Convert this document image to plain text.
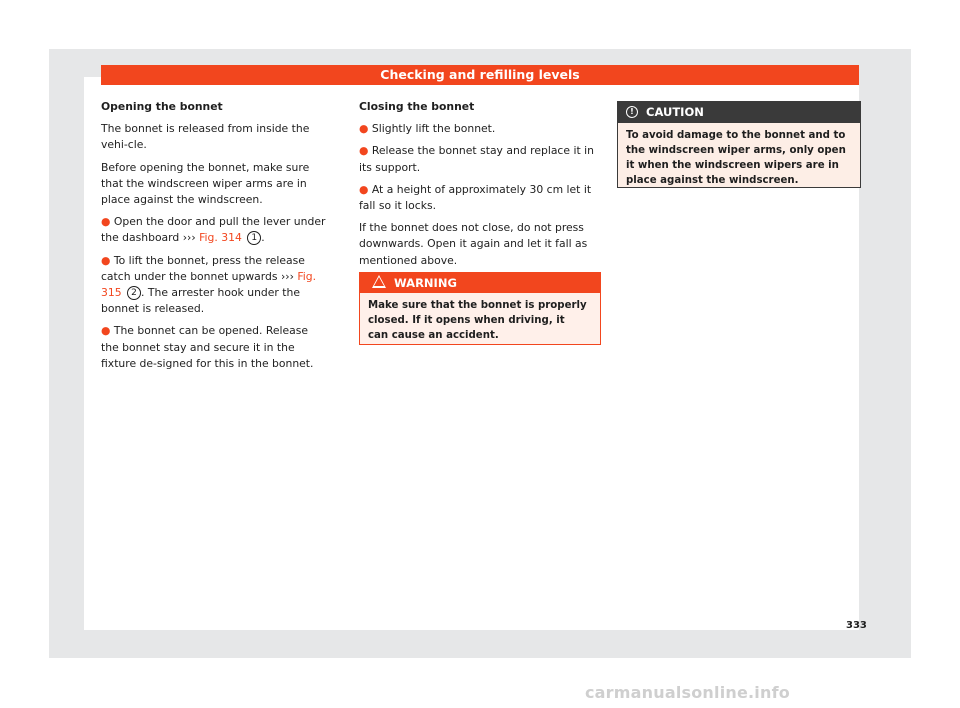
Checking and refilling levels

Opening the bonnet

The bonnet is released from inside the vehi-cle.

Before opening the bonnet, make sure that the windscreen wiper arms are in place against the windscreen.

● Open the door and pull the lever under the dashboard ››› Fig. 314 1 .

● To lift the bonnet, press the release catch under the bonnet upwards ››› Fig. 315 2 . The arrester hook under the bonnet is released.

● The bonnet can be opened. Release the bonnet stay and secure it in the fixture de-signed for this in the bonnet.

Closing the bonnet

● Slightly lift the bonnet.

● Release the bonnet stay and replace it in its support.

● At a height of approximately 30 cm let it fall so it locks.

If the bonnet does not close, do not press downwards. Open it again and let it fall as mentioned above.

WARNING
Make sure that the bonnet is properly closed. If it opens when driving, it can cause an accident.
!	CAUTION
To avoid damage to the bonnet and to the windscreen wiper arms, only open it when the windscreen wipers are in place against the windscreen.
333
carmanualsonline.info
